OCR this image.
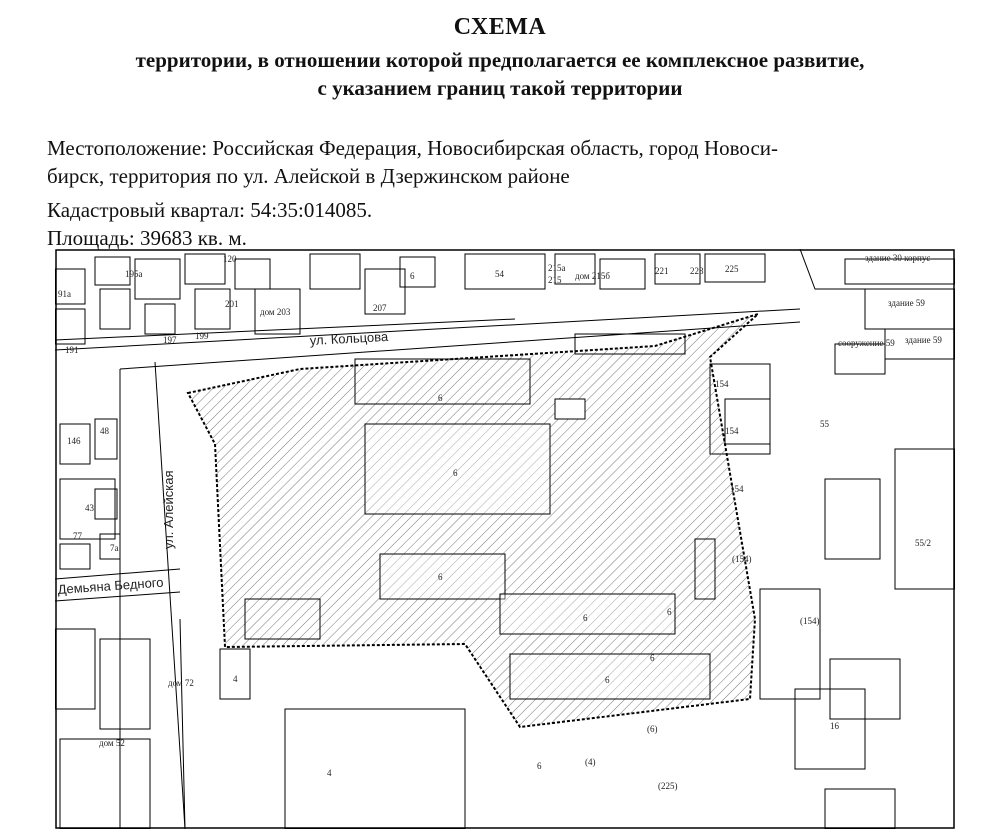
СХЕМА
территории, в отношении которой предполагается ее комплексное развитие,
с указанием границ такой территории
Местоположение: Российская Федерация, Новосибирская область, город Новоси-
бирск, территория по ул. Алейской в Дзержинском районе
Кадастровый квартал: 54:35:014085.
Площадь: 39683 кв. м.
ул. Кольцова
ул. Алейская
Демьяна Бедного
195а
120
6	54
215а
215 дом 215б	221 223 225
здание 30 корпус
91а
201
дом 203	207	здание 59
191
197 199
сооружение 59 здание 59
154
154
154
(154)
(154)
55
55/2
146
48
43
7а
77
6
6
6
6
6
6
6
4
4
дом 72
дом 52
6	(4)
(6)
(225)
16
